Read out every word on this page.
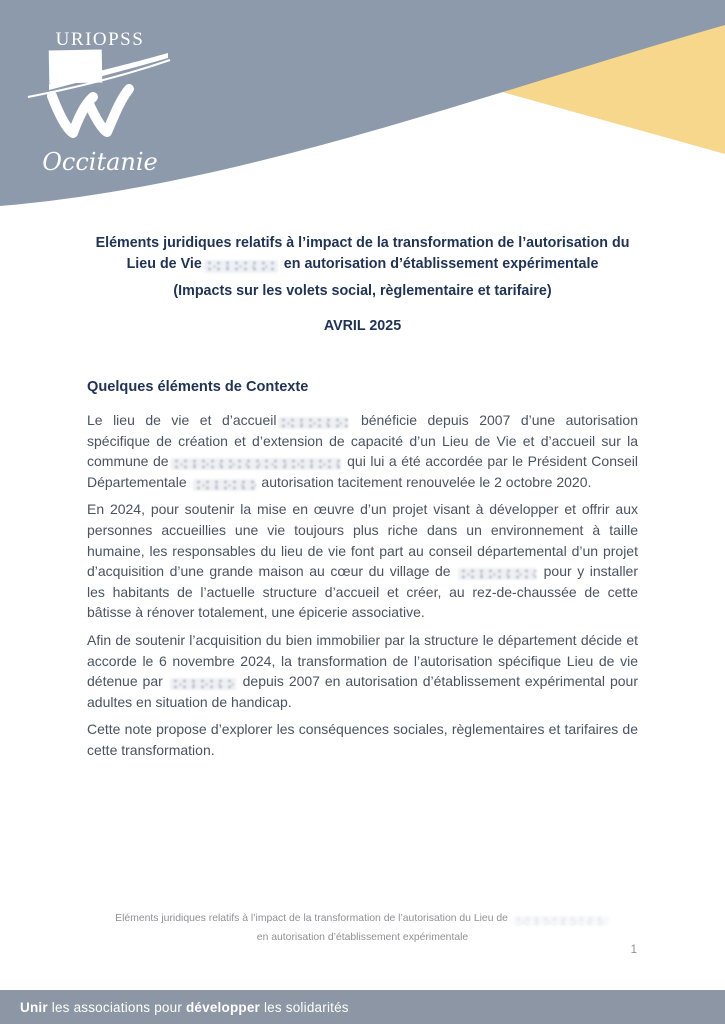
URIOPSS
Occitanie
Eléments juridiques relatifs à l’impact de la transformation de l’autorisation du Lieu de Vie	en autorisation d’établissement expérimentale

(Impacts sur les volets social, règlementaire et tarifaire)

AVRIL 2025

Quelques éléments de Contexte

Le lieu de vie et d’accueil	bénéficie depuis 2007 d’une autorisation spécifique de création et d’extension de capacité d’un Lieu de Vie et d’accueil sur la commune de	qui lui a été accordée par le Président Conseil Départementale	autorisation tacitement renouvelée le 2 octobre 2020.

En 2024, pour soutenir la mise en œuvre d’un projet visant à développer et offrir aux personnes accueillies une vie toujours plus riche dans un environnement à taille humaine, les responsables du lieu de vie font part au conseil départemental d’un projet d’acquisition d’une grande maison au cœur du village de	pour y installer les habitants de l’actuelle structure d’accueil et créer, au rez-de-chaussée de cette bâtisse à rénover totalement, une épicerie associative.

Afin de soutenir l’acquisition du bien immobilier par la structure le département décide et accorde le 6 novembre 2024, la transformation de l’autorisation spécifique Lieu de vie détenue par	depuis 2007 en autorisation d’établissement expérimental pour adultes en situation de handicap.

Cette note propose d’explorer les conséquences sociales, règlementaires et tarifaires de cette transformation.

Eléments juridiques relatifs à l’impact de la transformation de l’autorisation du Lieu de
en autorisation d’établissement expérimentale
1
Unir les associations pour développer les solidarités
